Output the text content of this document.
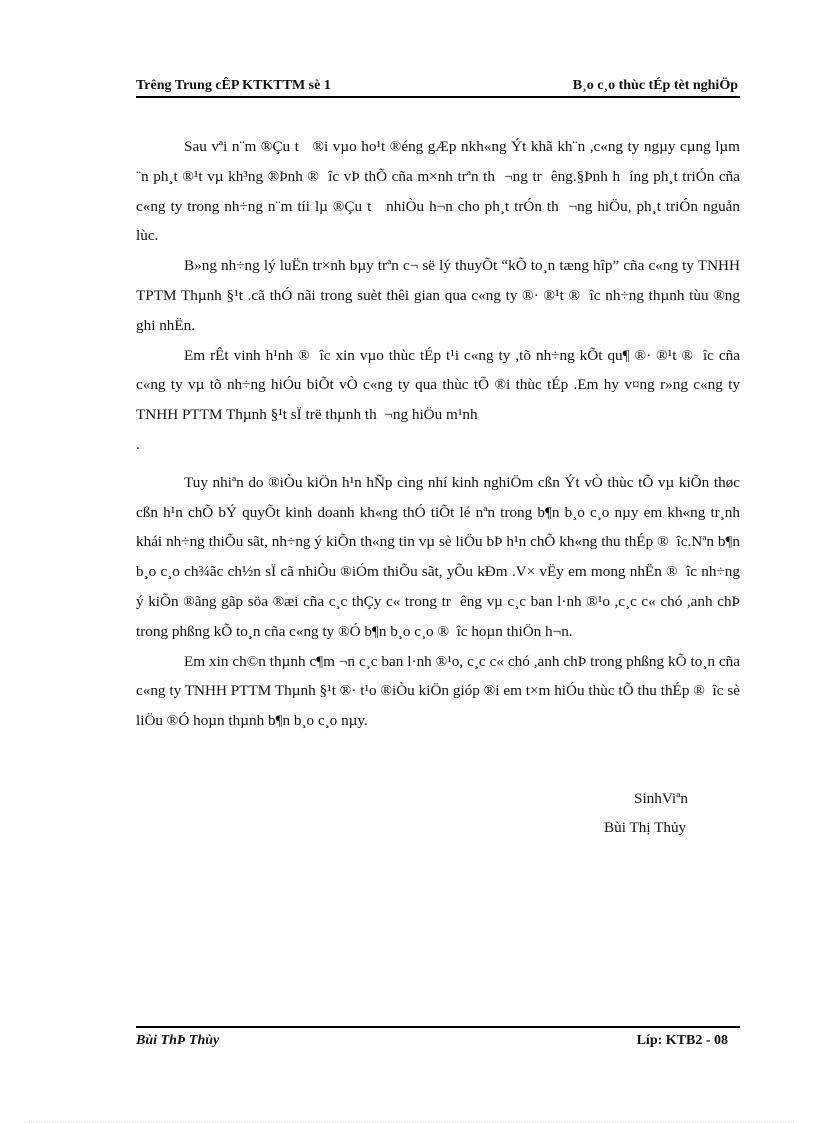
Trêng Trung cÊP KTKTTM sè 1	B¸o c¸o thùc tÉp tèt nghiÖp

Sau vªi n¨m ®Çu t   ®i vµo ho¹t ®éng gÆp nkh«ng Ýt khã kh¨n ,c«ng ty ngµy cµng lµm ¨n ph¸t ®¹t vµ kh³ng ®Þnh ®  îc vÞ thÕ cña m×nh trªn th  ¬ng tr  êng.§Þnh h  íng ph¸t triÓn cña c«ng ty trong nh÷ng n¨m tíi lµ ®Çu t   nhiÒu h¬n cho ph¸t trÓn th  ¬ng hiÖu, ph¸t triÓn nguån lùc.

B»ng nh÷ng lý luËn tr×nh bµy trªn c¬ së lý thuyÕt “kÕ to¸n tæng hîp” cña c«ng ty TNHH TPTM Thµnh §¹t .cã thÓ nãi trong suèt thêi gian qua c«ng ty ®· ®¹t ®  îc nh÷ng thµnh tùu ®ng ghi nhËn.

Em rÊt vinh h¹nh ®  îc xin vµo thùc tÉp t¹i c«ng ty ,tõ nh÷ng kÕt qu¶ ®· ®¹t ®  îc cña c«ng ty vµ tõ nh÷ng hiÓu biÕt vÒ c«ng ty qua thùc tÕ ®i thùc tÉp .Em hy v¤ng r»ng c«ng ty TNHH PTTM Thµnh §¹t sÏ trë thµnh th  ¬ng hiÖu m¹nh

.

Tuy nhiªn do ®iÒu kiÖn h¹n hÑp cìng nhí kinh nghiÖm cßn Ýt vÒ thùc tÕ vµ kiÕn thøc cßn h¹n chÕ bÝ quyÕt kinh doanh kh«ng thÓ tiÕt lé nªn trong b¶n b¸o c¸o nµy em kh«ng tr¸nh khái nh÷ng thiÕu sãt, nh÷ng ý kiÕn th«ng tin vµ sè liÖu bÞ h¹n chÕ kh«ng thu thÉp ®  îc.Nªn b¶n b¸o c¸o ch¾ãc ch½n sÏ cã nhiÒu ®iÓm thiÕu sãt, yÕu kÐm .V× vËy em mong nhËn ®  îc nh÷ng ý kiÕn ®ãng gãp söa ®æi cña c¸c thÇy c« trong tr  êng vµ c¸c ban l·nh ®¹o ,c¸c c« chó ,anh chÞ trong phßng kÕ to¸n cña c«ng ty ®Ó b¶n b¸o c¸o ®  îc hoµn thiÖn h¬n.

Em xin ch©n thµnh c¶m ¬n c¸c ban l·nh ®¹o, c¸c c« chó ,anh chÞ trong phßng kÕ to¸n cña c«ng ty TNHH PTTM Thµnh §¹t ®· t¹o ®iÒu kiÖn gióp ®i em t×m hiÓu thùc tÕ thu thÉp ®  îc sè liÖu ®Ó hoµn thµnh b¶n b¸o c¸o nµy.

SinhViªn
Bùi Thị Thủy
Bùi ThÞ Thùy	Líp: KTB2 - 08
